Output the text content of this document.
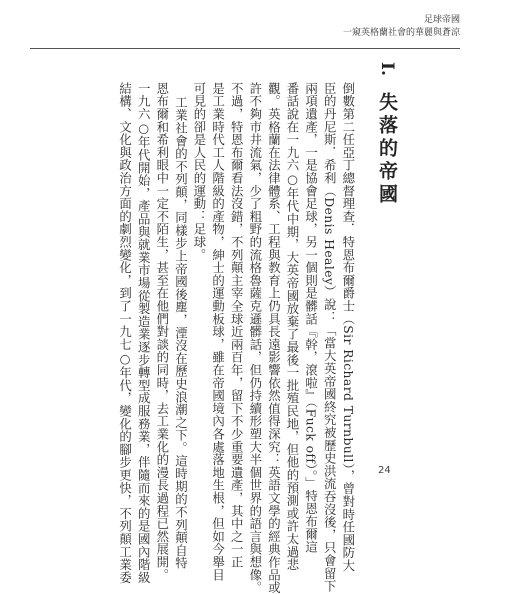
足球帝國
一窺英格蘭社會的華麗與蒼涼
I.
失落的帝國
倒數第二任亞丁總督理查．特恩布爾爵士（Sir Richard Turnbull），曾對時任國防大
臣的丹尼斯．希利（Denis Healey）說：「當大英帝國終究被歷史洪流吞沒後，只會留下
兩項遺產，一是協會足球，另一個則是髒話『幹，滾啦』（Fuck off）。」特恩布爾這
番話說在一九六○年代中期，大英帝國放棄了最後一批殖民地，但他的預測或許太過悲
觀。英格蘭在法律體系、工程與教育上仍具長遠影響依然值得深究：英語文學的經典作品或
許不夠市井流氣，少了粗野的流格魯薩克遜髒話，但仍持續形塑大半個世界的語言與想像。
不過，特恩布爾看法沒錯，不列顛主宰全球近兩百年，留下不少重要遺產，其中之一正
是工業時代工人階級的產物，紳士的運動板球，雖在帝國境內各處落地生根，但如今舉目
可見的卻是人民的運動：足球。
工業社會的不列顛，同樣步上帝國後塵，湮沒在歷史浪潮之下。這時期的不列顛自特
恩布爾和希利眼中一定不陌生，甚至在他們對談的同時，去工業化的漫長過程已然展開。
一九六○年代開始，產品與就業市場從製造業逐步轉型成服務業，伴隨而來的是國內階級
結構、文化與政治方面的劇烈變化，到了一九七○年代，變化的腳步更快，不列顛工業委	24
